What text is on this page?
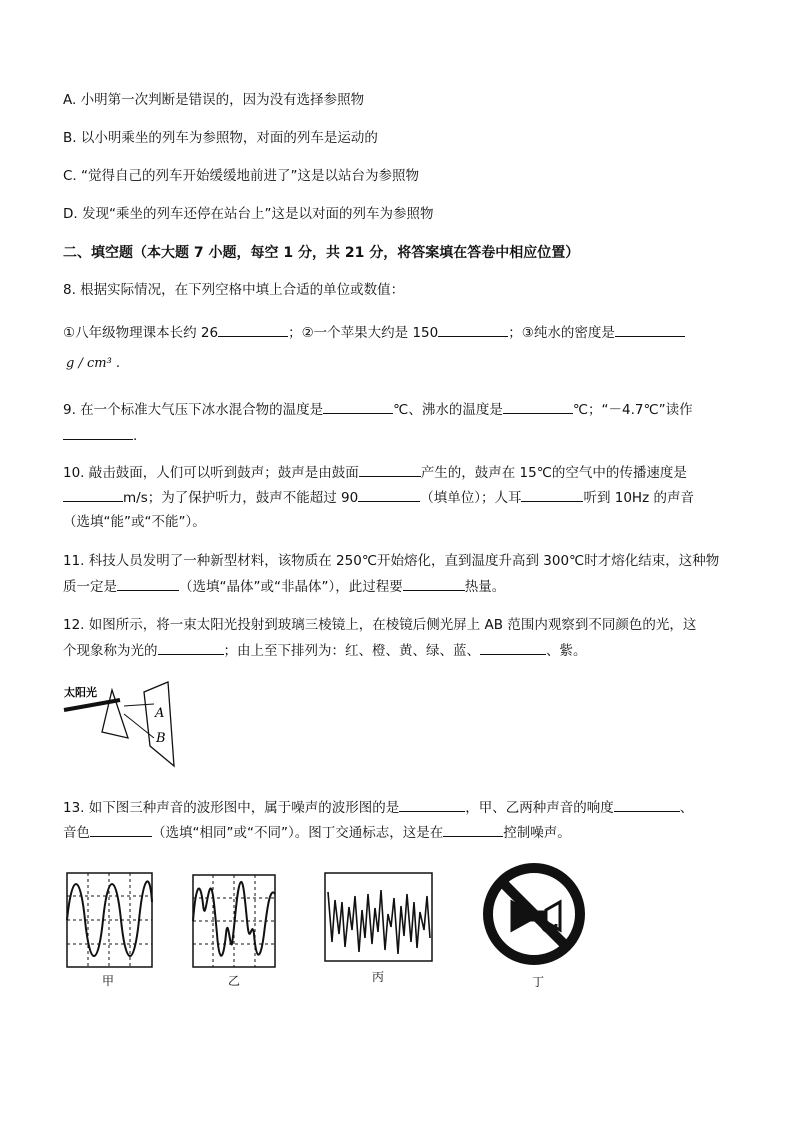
A. 小明第一次判断是错误的，因为没有选择参照物
B. 以小明乘坐的列车为参照物，对面的列车是运动的
C. “觉得自己的列车开始缓缓地前进了”这是以站台为参照物
D. 发现“乘坐的列车还停在站台上”这是以对面的列车为参照物
二、填空题（本大题 7 小题，每空 1 分，共 21 分，将答案填在答卷中相应位置）
8. 根据实际情况，在下列空格中填上合适的单位或数值：
①八年级物理课本长约 26	；②一个苹果大约是 150	；③纯水的密度是
g / cm³ .
9. 在一个标准大气压下冰水混合物的温度是	℃、沸水的温度是	℃；“－4.7℃”读作
.
10. 敲击鼓面，人们可以听到鼓声；鼓声是由鼓面	产生的，鼓声在 15℃的空气中的传播速度是
m/s；为了保护听力，鼓声不能超过 90	（填单位）；人耳	听到 10Hz 的声音
（选填“能”或“不能”）。
11. 科技人员发明了一种新型材料，该物质在 250℃开始熔化，直到温度升高到 300℃时才熔化结束，这种物
质一定是	（选填“晶体”或“非晶体”），此过程要	热量。
12. 如图所示，将一束太阳光投射到玻璃三棱镜上，在棱镜后侧光屏上 AB 范围内观察到不同颜色的光，这
个现象称为光的	；由上至下排列为：红、橙、黄、绿、蓝、	、紫。
太阳光
A
B
13. 如下图三种声音的波形图中，属于噪声的波形图的是	，甲、乙两种声音的响度	、
音色	（选填“相同”或“不同”）。图丁交通标志，这是在	控制噪声。
甲	乙	丙	丁
